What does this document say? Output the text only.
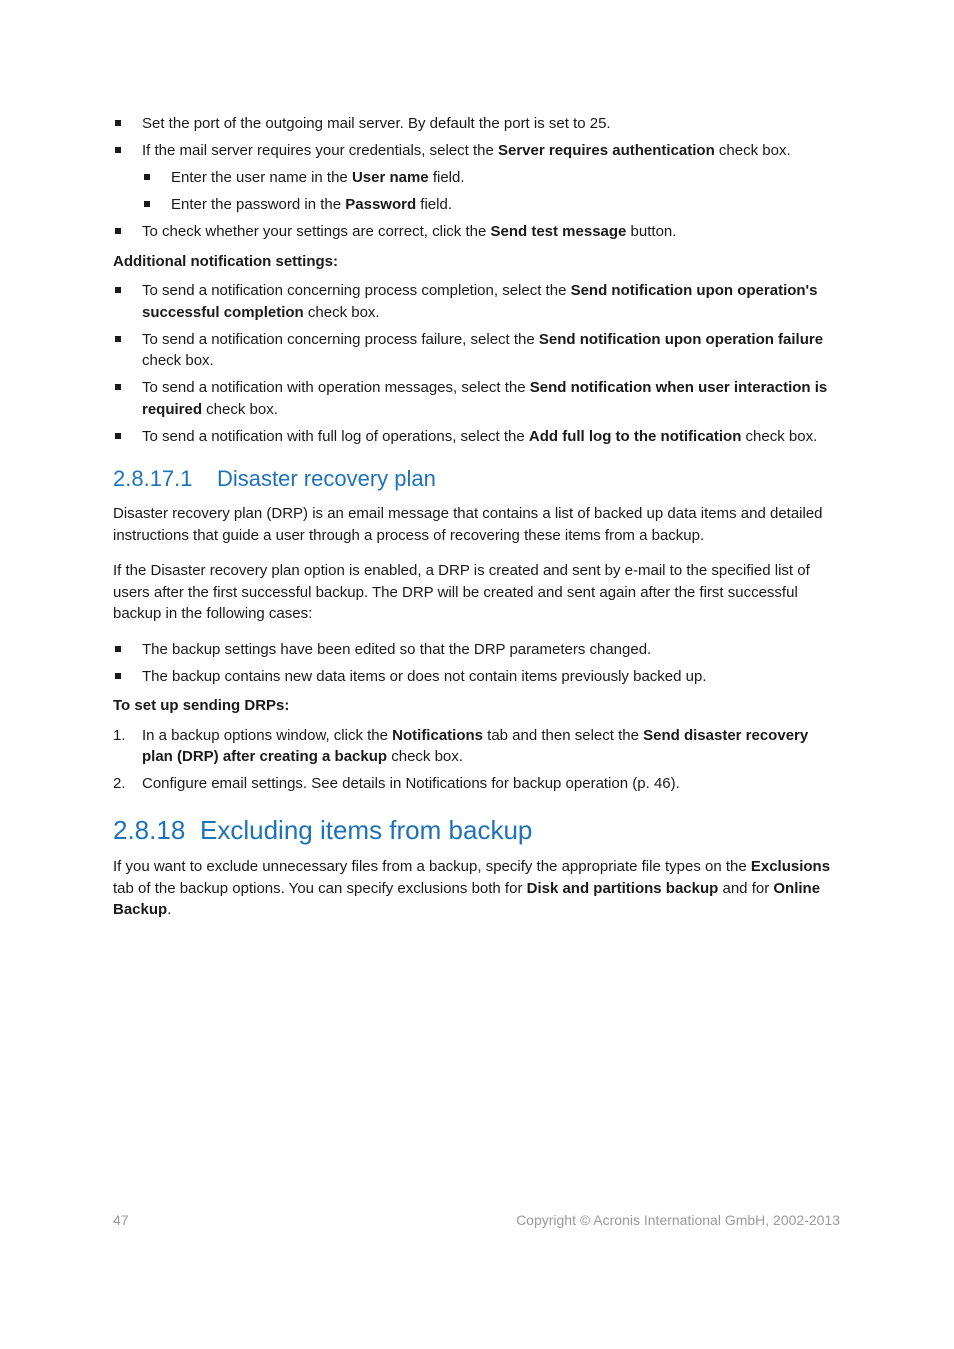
Set the port of the outgoing mail server. By default the port is set to 25.
If the mail server requires your credentials, select the Server requires authentication check box.
Enter the user name in the User name field.
Enter the password in the Password field.
To check whether your settings are correct, click the Send test message button.

Additional notification settings:

To send a notification concerning process completion, select the Send notification upon operation's successful completion check box.
To send a notification concerning process failure, select the Send notification upon operation failure check box.
To send a notification with operation messages, select the Send notification when user interaction is required check box.
To send a notification with full log of operations, select the Add full log to the notification check box.
2.8.17.1 Disaster recovery plan

Disaster recovery plan (DRP) is an email message that contains a list of backed up data items and detailed instructions that guide a user through a process of recovering these items from a backup.

If the Disaster recovery plan option is enabled, a DRP is created and sent by e-mail to the specified list of users after the first successful backup. The DRP will be created and sent again after the first successful backup in the following cases:

The backup settings have been edited so that the DRP parameters changed.
The backup contains new data items or does not contain items previously backed up.

To set up sending DRPs:

1. In a backup options window, click the Notifications tab and then select the Send disaster recovery plan (DRP) after creating a backup check box.
2. Configure email settings. See details in Notifications for backup operation (p. 46).
2.8.18 Excluding items from backup

If you want to exclude unnecessary files from a backup, specify the appropriate file types on the Exclusions tab of the backup options. You can specify exclusions both for Disk and partitions backup and for Online Backup.

47	Copyright © Acronis International GmbH, 2002-2013
